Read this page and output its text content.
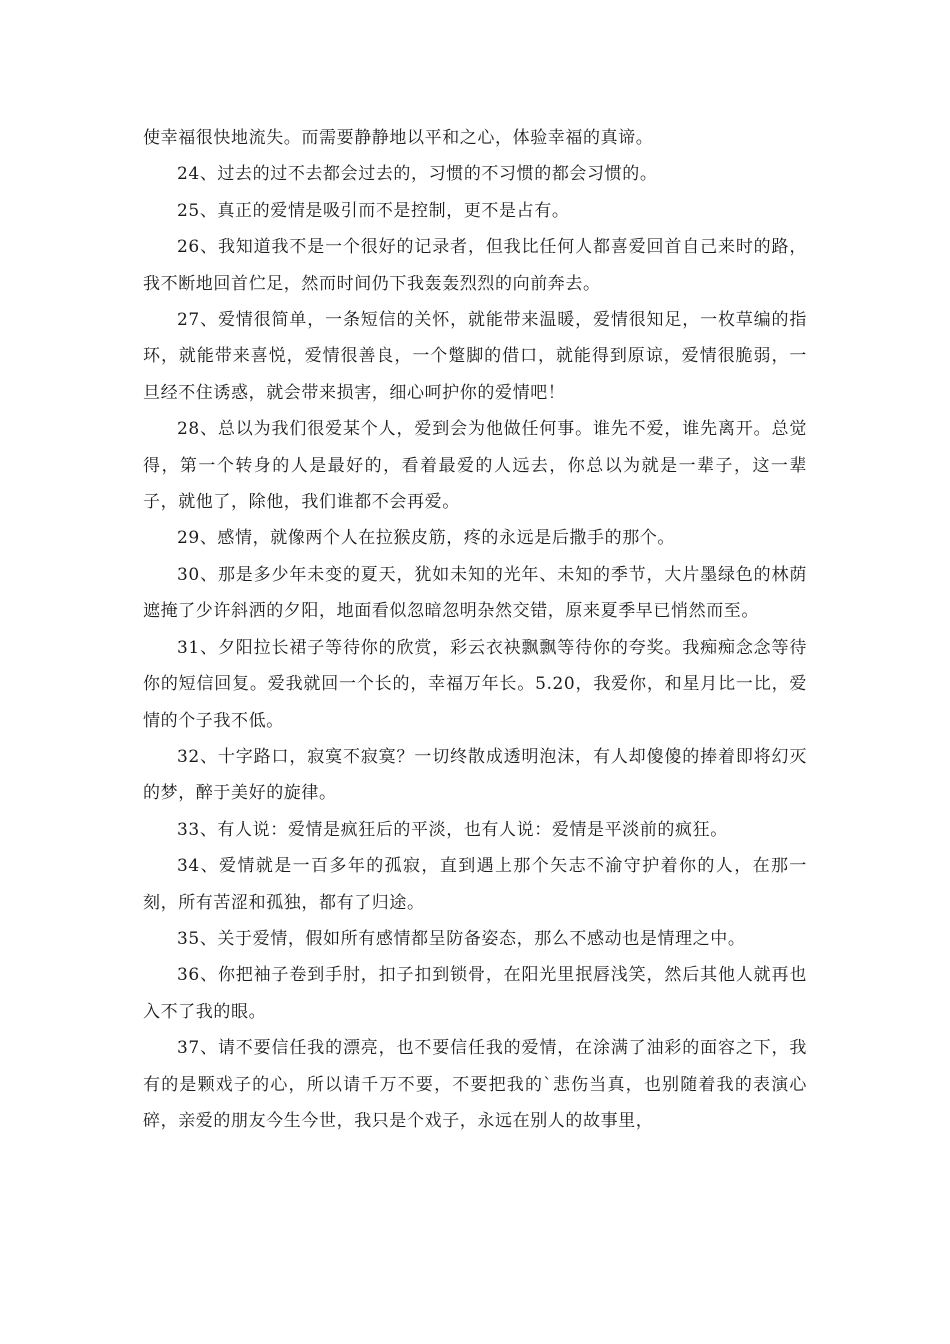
使幸福很快地流失。而需要静静地以平和之心，体验幸福的真谛。

24、过去的过不去都会过去的，习惯的不习惯的都会习惯的。

25、真正的爱情是吸引而不是控制，更不是占有。

26、我知道我不是一个很好的记录者，但我比任何人都喜爱回首自己来时的路，我不断地回首伫足，然而时间仍下我轰轰烈烈的向前奔去。

27、爱情很简单，一条短信的关怀，就能带来温暖，爱情很知足，一枚草编的指环，就能带来喜悦，爱情很善良，一个蹩脚的借口，就能得到原谅，爱情很脆弱，一旦经不住诱惑，就会带来损害，细心呵护你的爱情吧！

28、总以为我们很爱某个人，爱到会为他做任何事。谁先不爱，谁先离开。总觉得，第一个转身的人是最好的，看着最爱的人远去，你总以为就是一辈子，这一辈子，就他了，除他，我们谁都不会再爱。

29、感情，就像两个人在拉猴皮筋，疼的永远是后撒手的那个。

30、那是多少年未变的夏天，犹如未知的光年、未知的季节，大片墨绿色的林荫遮掩了少许斜洒的夕阳，地面看似忽暗忽明杂然交错，原来夏季早已悄然而至。

31、夕阳拉长裙子等待你的欣赏，彩云衣袂飘飘等待你的夸奖。我痴痴念念等待你的短信回复。爱我就回一个长的，幸福万年长。5.20，我爱你，和星月比一比，爱情的个子我不低。

32、十字路口，寂寞不寂寞？一切终散成透明泡沫，有人却傻傻的捧着即将幻灭的梦，醉于美好的旋律。

33、有人说：爱情是疯狂后的平淡，也有人说：爱情是平淡前的疯狂。

34、爱情就是一百多年的孤寂，直到遇上那个矢志不渝守护着你的人，在那一刻，所有苦涩和孤独，都有了归途。

35、关于爱情，假如所有感情都呈防备姿态，那么不感动也是情理之中。

36、你把袖子卷到手肘，扣子扣到锁骨，在阳光里抿唇浅笑，然后其他人就再也入不了我的眼。

37、请不要信任我的漂亮，也不要信任我的爱情，在涂满了油彩的面容之下，我有的是颗戏子的心，所以请千万不要，不要把我的`悲伤当真，也别随着我的表演心碎，亲爱的朋友今生今世，我只是个戏子，永远在别人的故事里，
